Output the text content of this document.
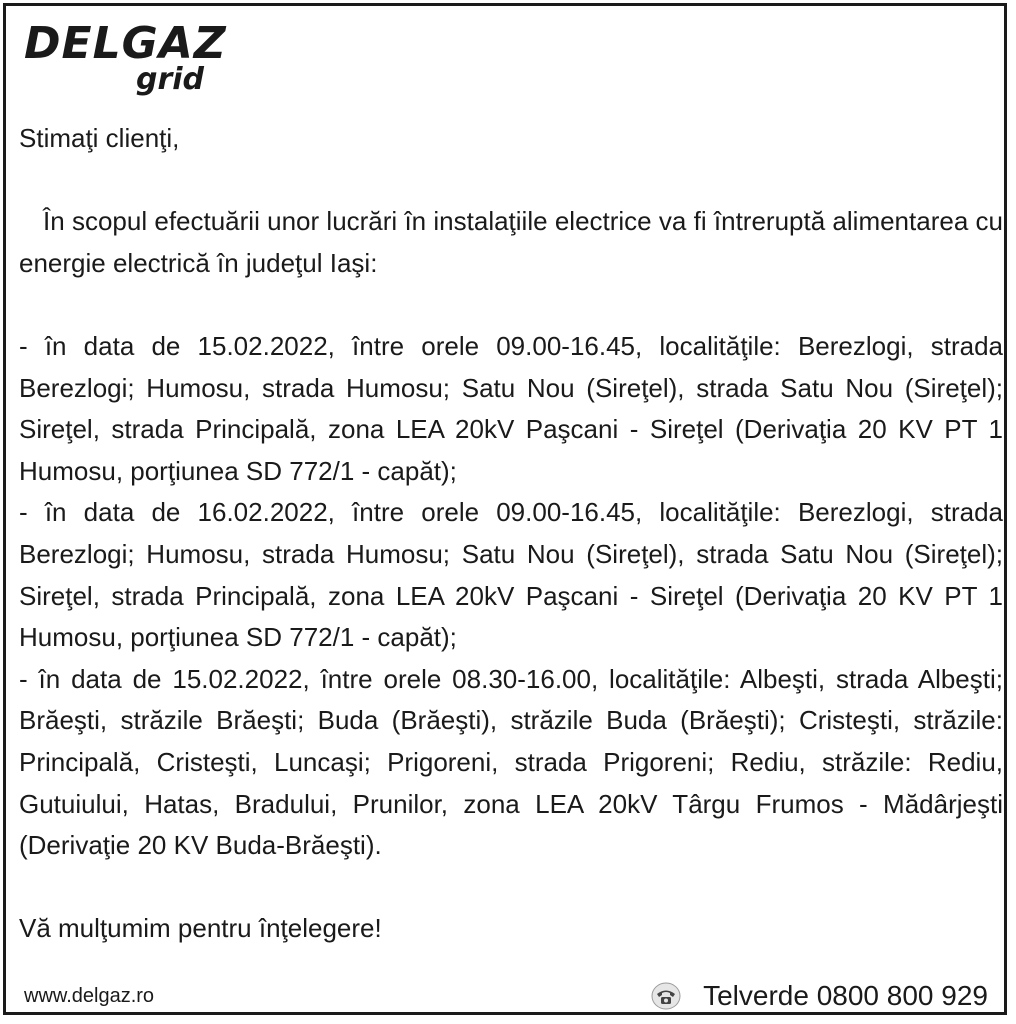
DELGAZ
grid

Stimaţi clienţi,

În scopul efectuării unor lucrări în instalaţiile electrice va fi întreruptă alimentarea cu energie electrică în judeţul Iaşi:

- în data de 15.02.2022, între orele 09.00-16.45, localităţile: Berezlogi, strada Berezlogi; Humosu, strada Humosu; Satu Nou (Sireţel), strada Satu Nou (Sireţel); Sireţel, strada Principală, zona LEA 20kV Paşcani - Sireţel (Derivaţia 20 KV PT 1 Humosu, porţiunea SD 772/1 - capăt);

- în data de 16.02.2022, între orele 09.00-16.45, localităţile: Berezlogi, strada Berezlogi; Humosu, strada Humosu; Satu Nou (Sireţel), strada Satu Nou (Sireţel); Sireţel, strada Principală, zona LEA 20kV Paşcani - Sireţel (Derivaţia 20 KV PT 1 Humosu, porţiunea SD 772/1 - capăt);

- în data de 15.02.2022, între orele 08.30-16.00, localităţile: Albeşti, strada Albeşti; Brăeşti, străzile Brăeşti; Buda (Brăeşti), străzile Buda (Brăeşti); Cristeşti, străzile: Principală, Cristeşti, Luncaşi; Prigoreni, strada Prigoreni; Rediu, străzile: Rediu, Gutuiului, Hatas, Bradului, Prunilor, zona LEA 20kV Târgu Frumos - Mădârjeşti (Derivaţie 20 KV Buda-Brăeşti).

Vă mulţumim pentru înţelegere!

www.delgaz.ro	Telverde 0800 800 929
